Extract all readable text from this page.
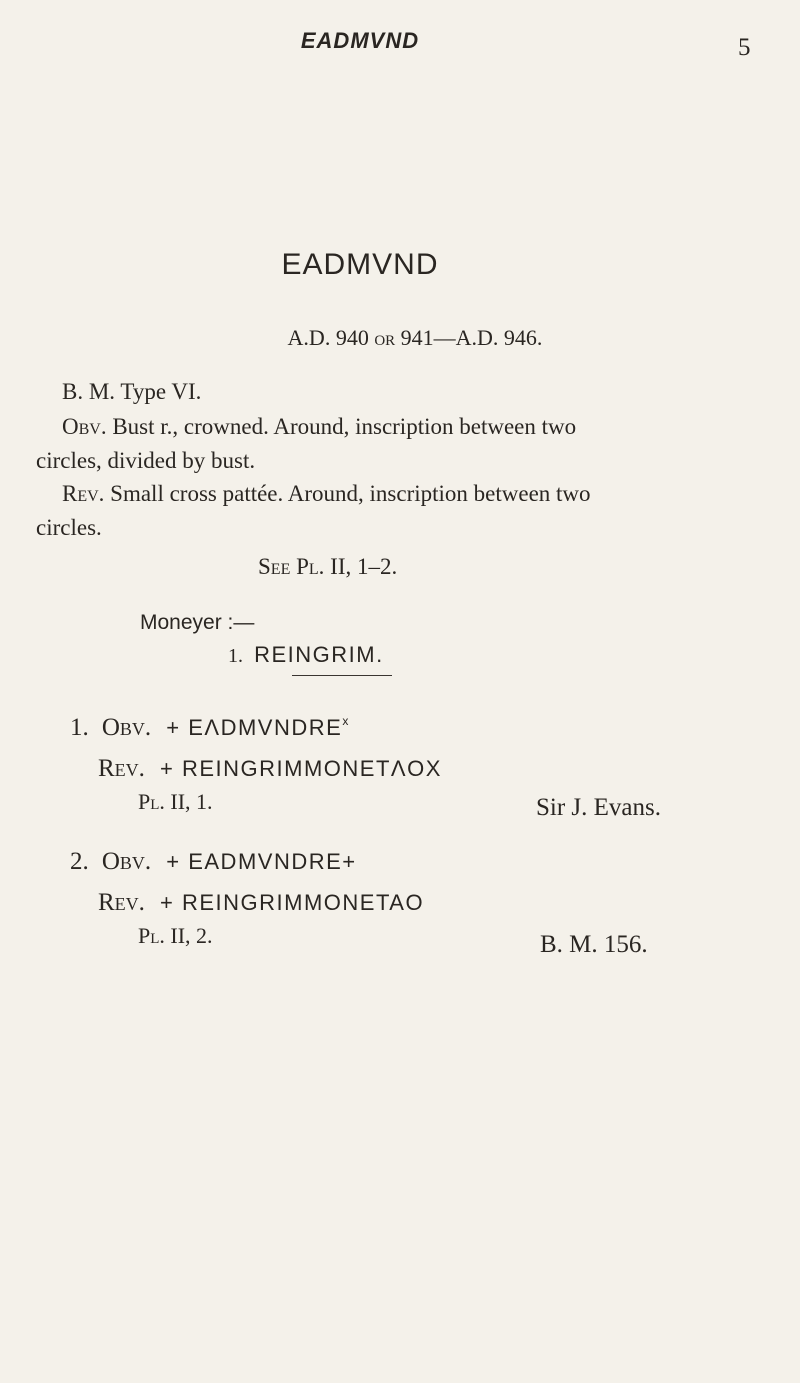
EADMVND	5
EADMVND
A.D. 940 or 941—A.D. 946.
B. M. Type VI.
Obv. Bust r., crowned. Around, inscription between two
circles, divided by bust.
Rev. Small cross pattée. Around, inscription between two
circles.
See Pl. II, 1–2.
Moneyer :—
1. REINGRIM.
1. Obv. + $E\Lambda DMVNDRE^x$
Rev. + REINGRIMMONETΛOX
Pl. II, 1.	Sir J. Evans.
2. Obv. + EADMVNDRE+
Rev. + REINGRIMMONETAO
Pl. II, 2.	B. M. 156.
